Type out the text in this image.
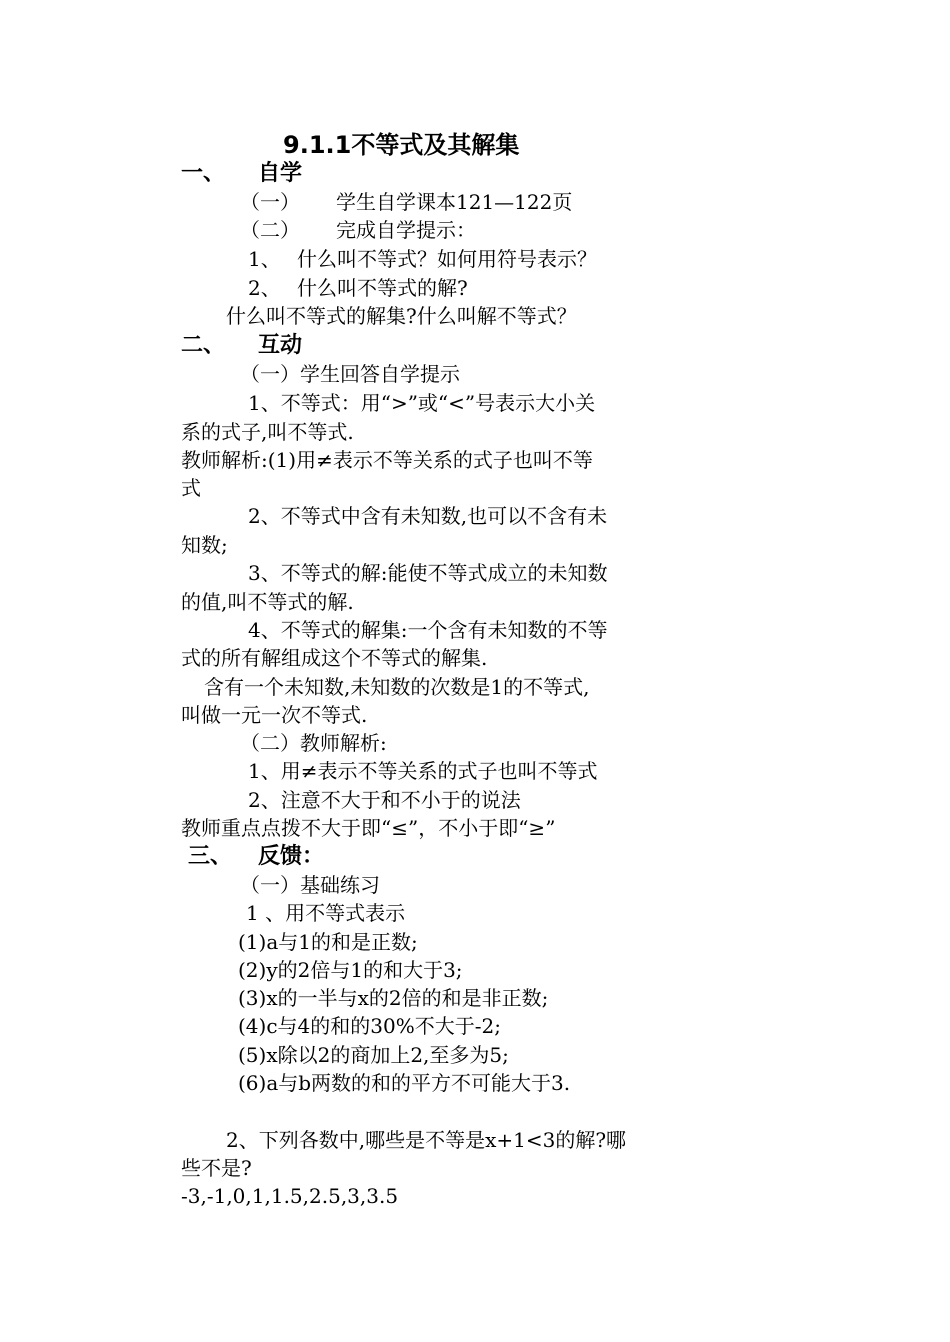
9.1.1不等式及其解集
一、 自学
（一） 学生自学课本121—122页
（二） 完成自学提示：
1、 什么叫不等式？如何用符号表示？
2、 什么叫不等式的解?
什么叫不等式的解集?什么叫解不等式？
二、 互动
（一）学生回答自学提示
1、不等式：用“>”或“<”号表示大小关
系的式子,叫不等式.
教师解析:(1)用≠表示不等关系的式子也叫不等
式
2、不等式中含有未知数,也可以不含有未
知数;
3、不等式的解:能使不等式成立的未知数
的值,叫不等式的解.
4、不等式的解集:一个含有未知数的不等
式的所有解组成这个不等式的解集.
含有一个未知数,未知数的次数是1的不等式,
叫做一元一次不等式.
（二）教师解析:
1、用≠表示不等关系的式子也叫不等式
2、注意不大于和不小于的说法
教师重点点拨不大于即“≤”，不小于即“≥”
三、 反馈：
（一）基础练习
1 、用不等式表示
(1)a与1的和是正数;
(2)y的2倍与1的和大于3;
(3)x的一半与x的2倍的和是非正数;
(4)c与4的和的30%不大于-2;
(5)x除以2的商加上2,至多为5;
(6)a与b两数的和的平方不可能大于3.
2、下列各数中,哪些是不等是x+1<3的解?哪
些不是?
-3,-1,0,1,1.5,2.5,3,3.5
